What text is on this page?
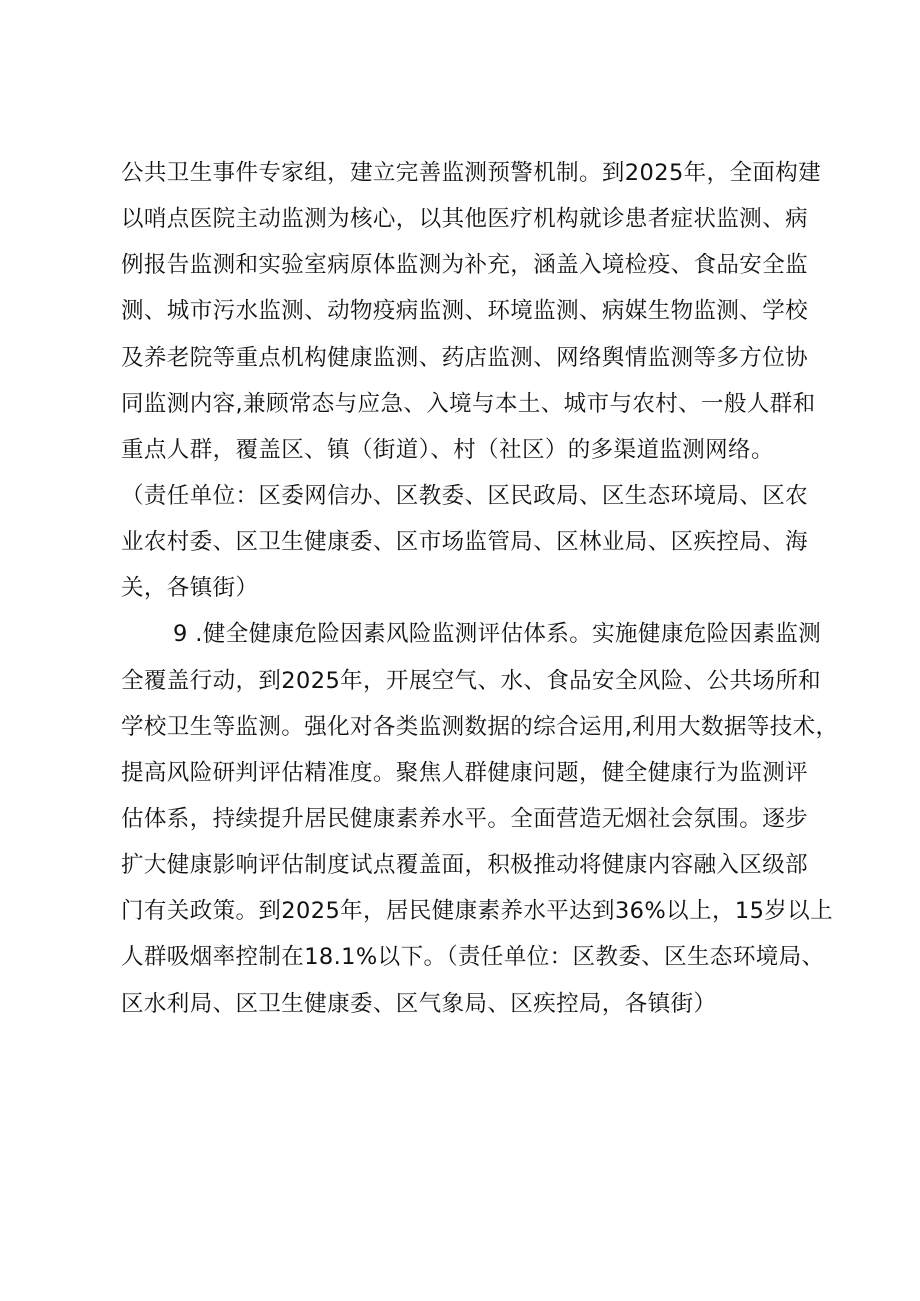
公共卫生事件专家组，建立完善监测预警机制。到2025年，全面构建
以哨点医院主动监测为核心，以其他医疗机构就诊患者症状监测、病
例报告监测和实验室病原体监测为补充，涵盖入境检疫、食品安全监
测、城市污水监测、动物疫病监测、环境监测、病媒生物监测、学校
及养老院等重点机构健康监测、药店监测、网络舆情监测等多方位协
同监测内容,兼顾常态与应急、入境与本土、城市与农村、一般人群和
重点人群，覆盖区、镇（街道）、村（社区）的多渠道监测网络。
（责任单位：区委网信办、区教委、区民政局、区生态环境局、区农
业农村委、区卫生健康委、区市场监管局、区林业局、区疾控局、海
关，各镇街）
9 .健全健康危险因素风险监测评估体系。实施健康危险因素监测
全覆盖行动，到2025年，开展空气、水、食品安全风险、公共场所和
学校卫生等监测。强化对各类监测数据的综合运用,利用大数据等技术，
提高风险研判评估精准度。聚焦人群健康问题，健全健康行为监测评
估体系，持续提升居民健康素养水平。全面营造无烟社会氛围。逐步
扩大健康影响评估制度试点覆盖面，积极推动将健康内容融入区级部
门有关政策。到2025年，居民健康素养水平达到36%以上，15岁以上
人群吸烟率控制在18.1%以下。（责任单位：区教委、区生态环境局、
区水利局、区卫生健康委、区气象局、区疾控局，各镇街）
